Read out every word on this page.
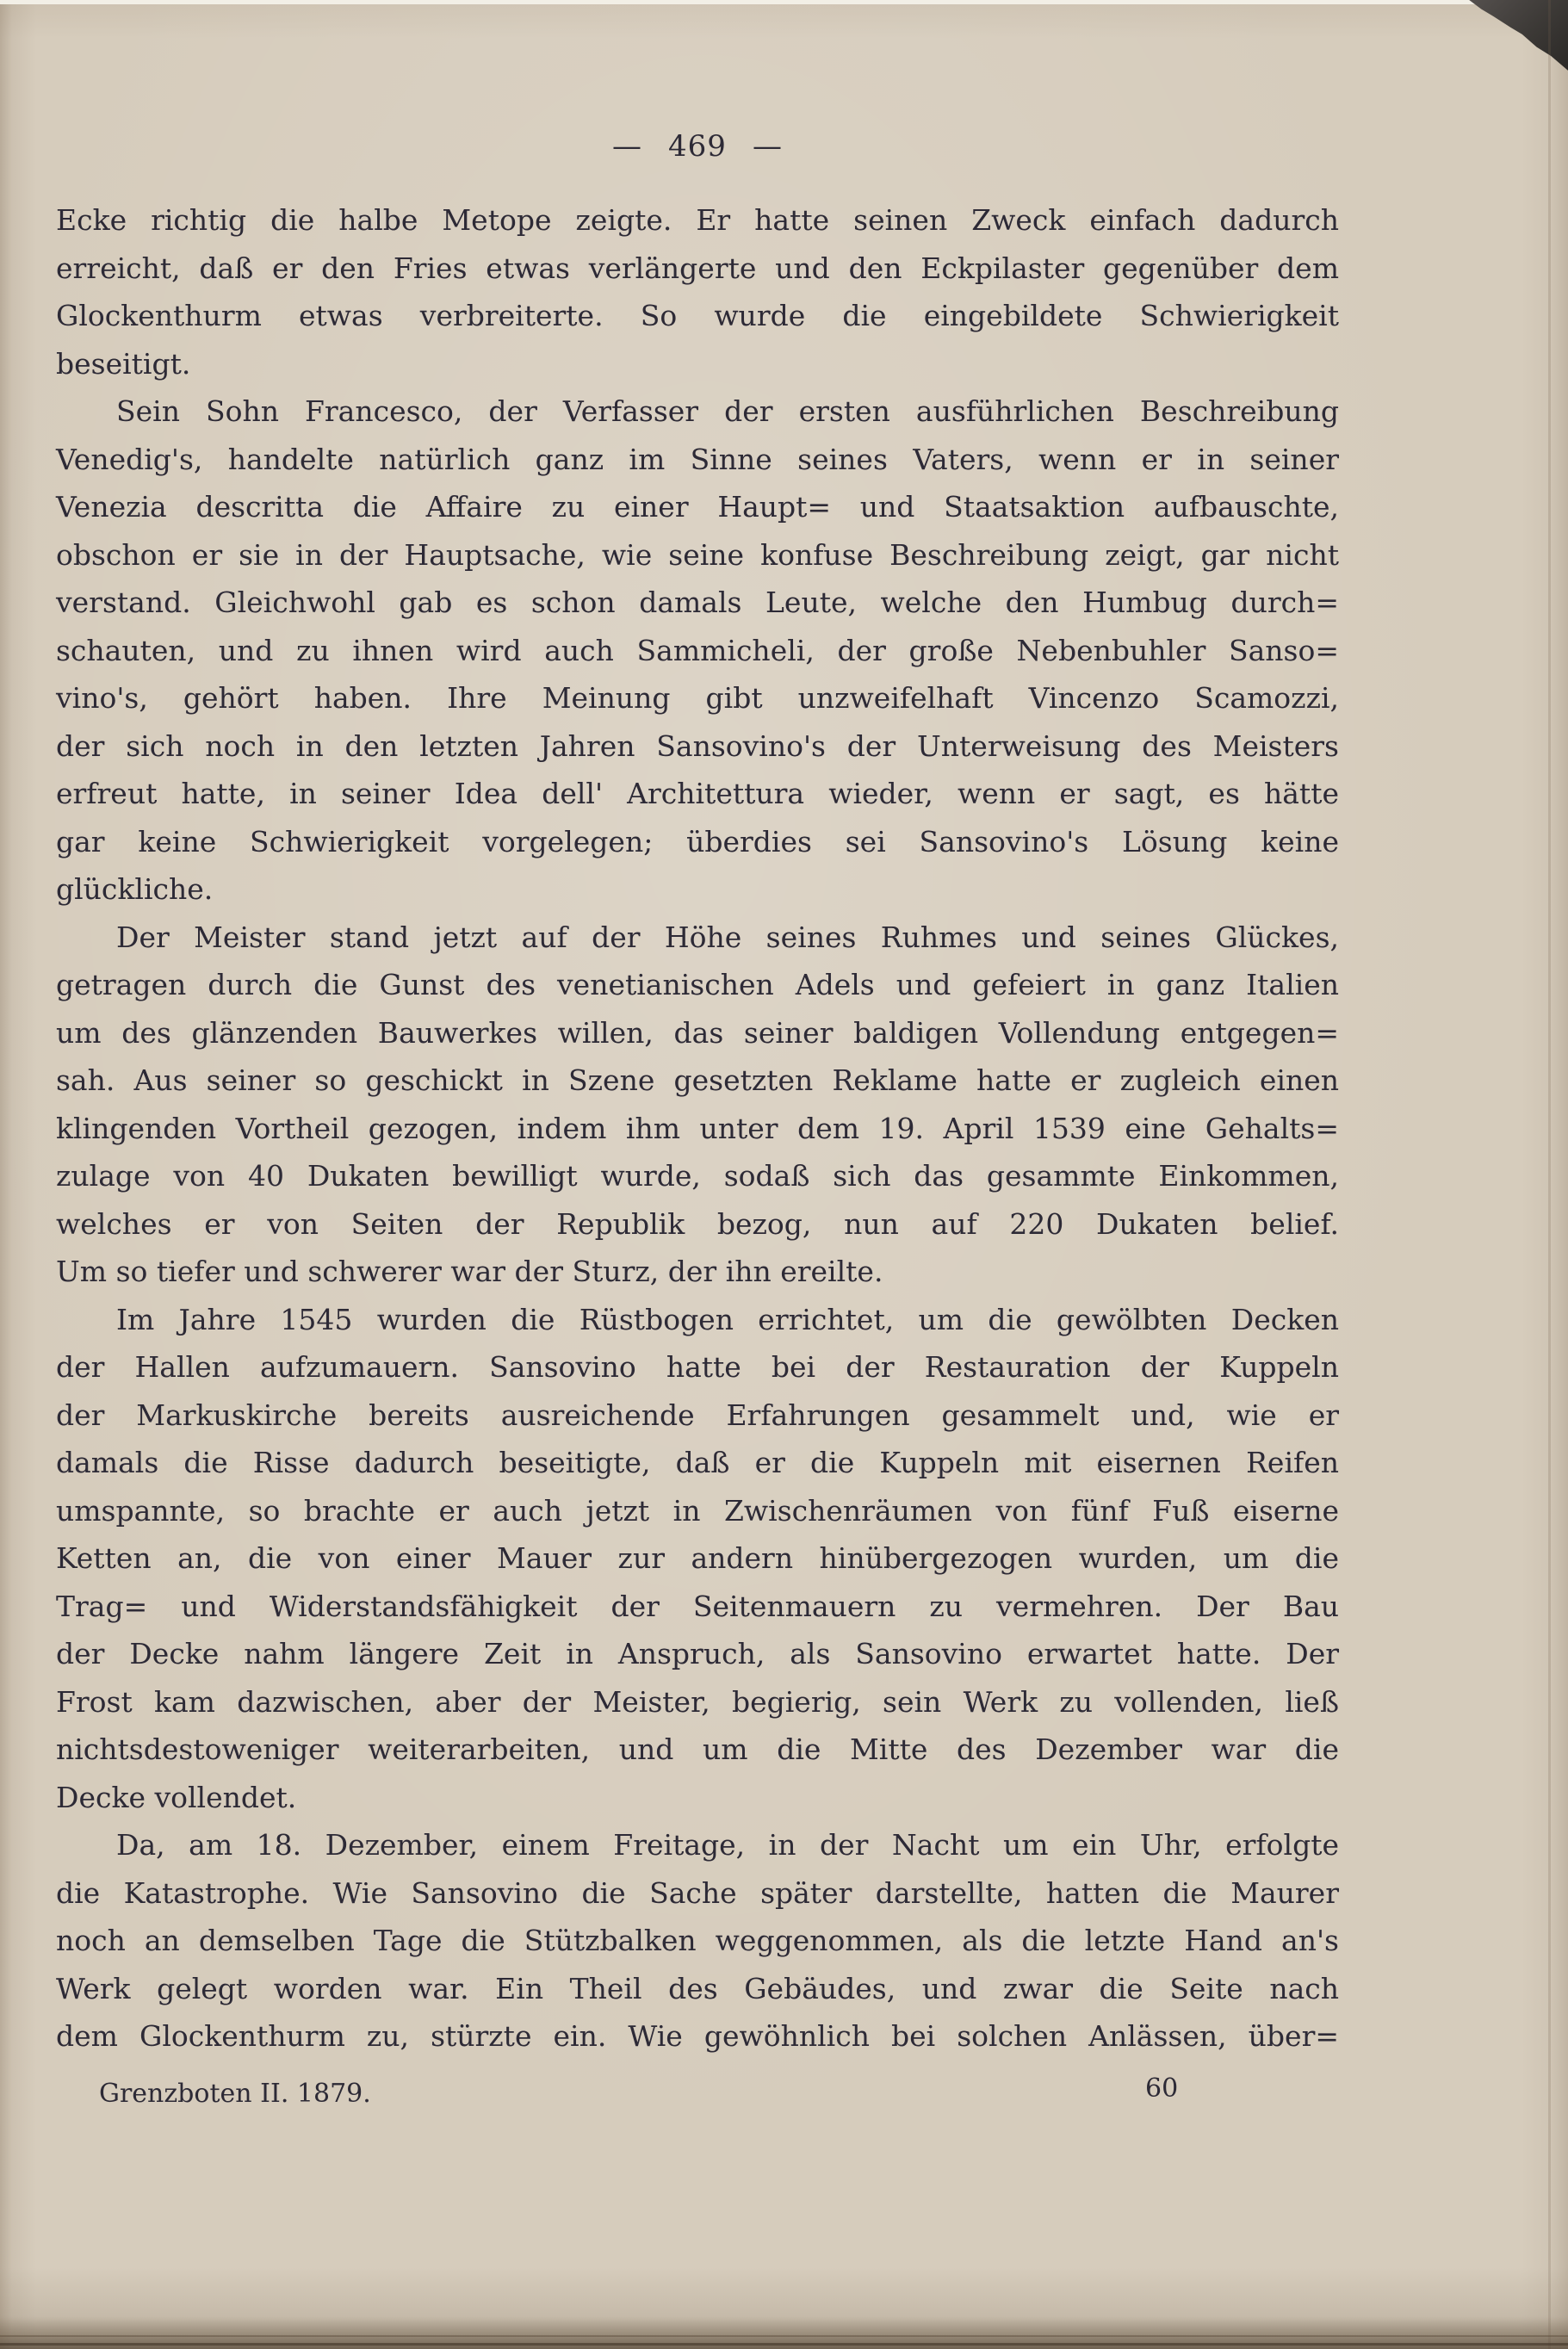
— 469 —
Ecke richtig die halbe Metope zeigte. Er hatte seinen Zweck einfach dadurch
erreicht, daß er den Fries etwas verlängerte und den Eckpilaster gegenüber dem
Glockenthurm etwas verbreiterte. So wurde die eingebildete Schwierigkeit
beseitigt.
Sein Sohn Francesco, der Verfasser der ersten ausführlichen Beschreibung
Venedig's, handelte natürlich ganz im Sinne seines Vaters, wenn er in seiner
Venezia descritta die Affaire zu einer Haupt= und Staatsaktion aufbauschte,
obschon er sie in der Hauptsache, wie seine konfuse Beschreibung zeigt, gar nicht
verstand. Gleichwohl gab es schon damals Leute, welche den Humbug durch=
schauten, und zu ihnen wird auch Sammicheli, der große Nebenbuhler Sanso=
vino's, gehört haben. Ihre Meinung gibt unzweifelhaft Vincenzo Scamozzi,
der sich noch in den letzten Jahren Sansovino's der Unterweisung des Meisters
erfreut hatte, in seiner Idea dell' Architettura wieder, wenn er sagt, es hätte
gar keine Schwierigkeit vorgelegen; überdies sei Sansovino's Lösung keine
glückliche.
Der Meister stand jetzt auf der Höhe seines Ruhmes und seines Glückes,
getragen durch die Gunst des venetianischen Adels und gefeiert in ganz Italien
um des glänzenden Bauwerkes willen, das seiner baldigen Vollendung entgegen=
sah. Aus seiner so geschickt in Szene gesetzten Reklame hatte er zugleich einen
klingenden Vortheil gezogen, indem ihm unter dem 19. April 1539 eine Gehalts=
zulage von 40 Dukaten bewilligt wurde, sodaß sich das gesammte Einkommen,
welches er von Seiten der Republik bezog, nun auf 220 Dukaten belief.
Um so tiefer und schwerer war der Sturz, der ihn ereilte.
Im Jahre 1545 wurden die Rüstbogen errichtet, um die gewölbten Decken
der Hallen aufzumauern. Sansovino hatte bei der Restauration der Kuppeln
der Markuskirche bereits ausreichende Erfahrungen gesammelt und, wie er
damals die Risse dadurch beseitigte, daß er die Kuppeln mit eisernen Reifen
umspannte, so brachte er auch jetzt in Zwischenräumen von fünf Fuß eiserne
Ketten an, die von einer Mauer zur andern hinübergezogen wurden, um die
Trag= und Widerstandsfähigkeit der Seitenmauern zu vermehren. Der Bau
der Decke nahm längere Zeit in Anspruch, als Sansovino erwartet hatte. Der
Frost kam dazwischen, aber der Meister, begierig, sein Werk zu vollenden, ließ
nichtsdestoweniger weiterarbeiten, und um die Mitte des Dezember war die
Decke vollendet.
Da, am 18. Dezember, einem Freitage, in der Nacht um ein Uhr, erfolgte
die Katastrophe. Wie Sansovino die Sache später darstellte, hatten die Maurer
noch an demselben Tage die Stützbalken weggenommen, als die letzte Hand an's
Werk gelegt worden war. Ein Theil des Gebäudes, und zwar die Seite nach
dem Glockenthurm zu, stürzte ein. Wie gewöhnlich bei solchen Anlässen, über=
Grenzboten II. 1879.	60
